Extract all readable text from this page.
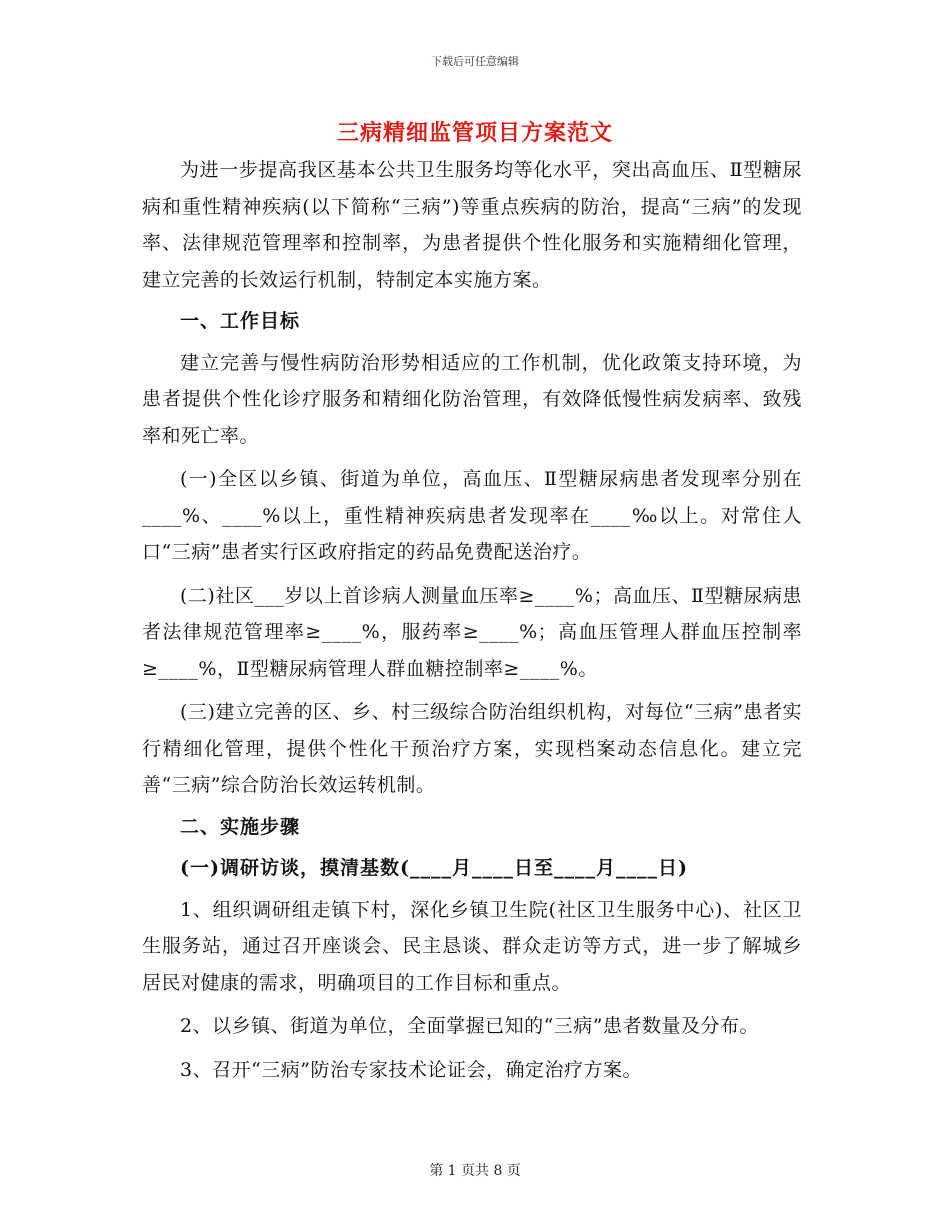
下载后可任意编辑
三病精细监管项目方案范文

为进一步提高我区基本公共卫生服务均等化水平，突出高血压、Ⅱ型糖尿病和重性精神疾病(以下简称“三病”)等重点疾病的防治，提高“三病”的发现率、法律规范管理率和控制率，为患者提供个性化服务和实施精细化管理，建立完善的长效运行机制，特制定本实施方案。

一、工作目标

建立完善与慢性病防治形势相适应的工作机制，优化政策支持环境，为患者提供个性化诊疗服务和精细化防治管理，有效降低慢性病发病率、致残率和死亡率。

(一)全区以乡镇、街道为单位，高血压、Ⅱ型糖尿病患者发现率分别在____%、____%以上，重性精神疾病患者发现率在____‰以上。对常住人口“三病”患者实行区政府指定的药品免费配送治疗。

(二)社区___岁以上首诊病人测量血压率≥____%；高血压、Ⅱ型糖尿病患者法律规范管理率≥____%，服药率≥____%；高血压管理人群血压控制率≥____%，Ⅱ型糖尿病管理人群血糖控制率≥____%。

(三)建立完善的区、乡、村三级综合防治组织机构，对每位“三病”患者实行精细化管理，提供个性化干预治疗方案，实现档案动态信息化。建立完善“三病”综合防治长效运转机制。

二、实施步骤

(一)调研访谈，摸清基数(____月____日至____月____日)

1、组织调研组走镇下村，深化乡镇卫生院(社区卫生服务中心)、社区卫生服务站，通过召开座谈会、民主恳谈、群众走访等方式，进一步了解城乡居民对健康的需求，明确项目的工作目标和重点。

2、以乡镇、街道为单位，全面掌握已知的“三病”患者数量及分布。

3、召开“三病”防治专家技术论证会，确定治疗方案。

第 1 页共 8 页
